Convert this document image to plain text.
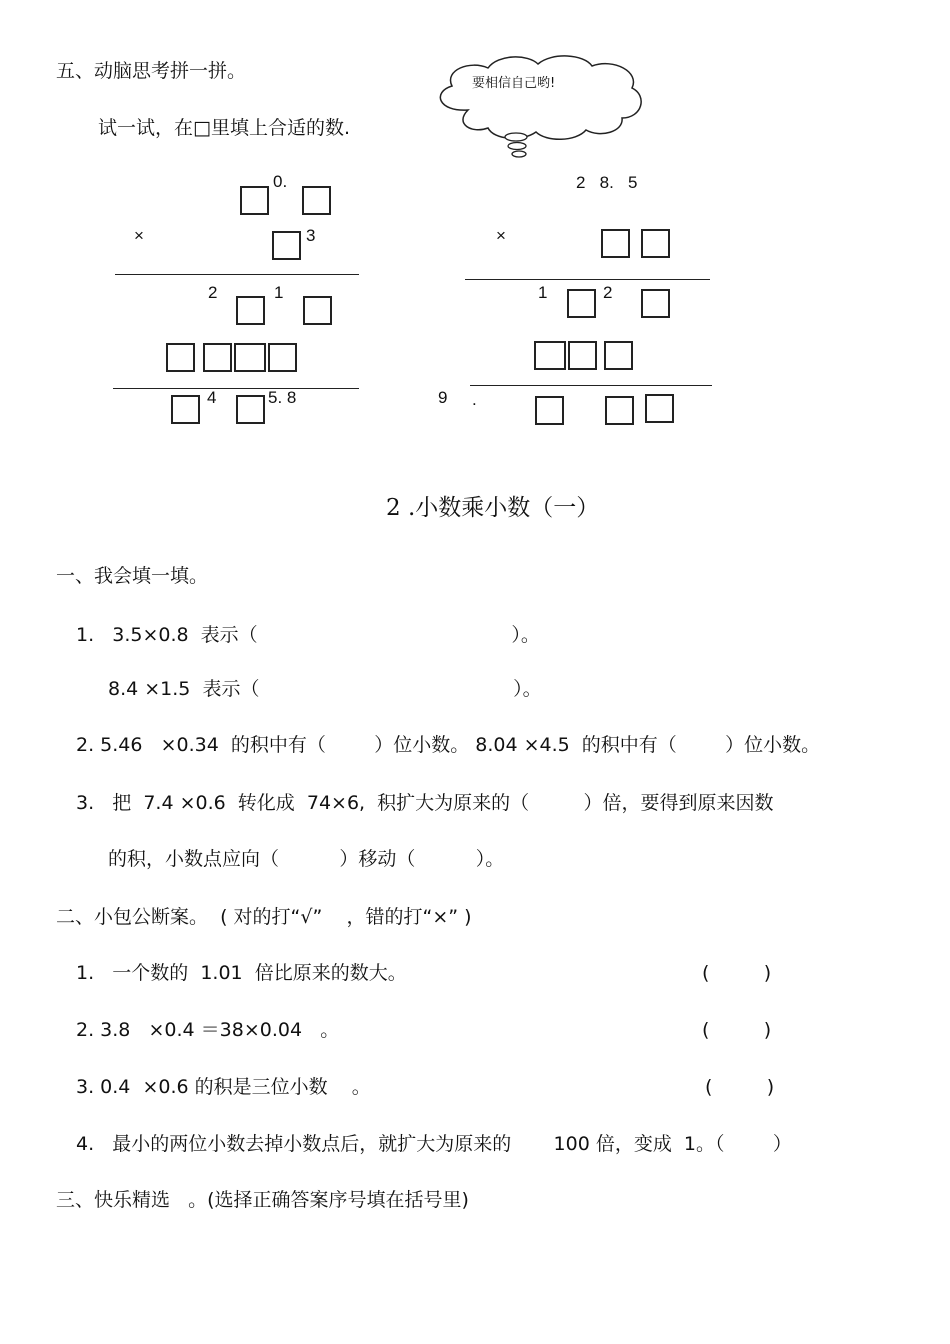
五、动脑思考拼一拼。
试一试，在□里填上合适的数.
要相信自己哟!
0.
×	3
2	1
4	5. 8
2   8.   5
×
1	2
9 .
2 .小数乘小数（一）
一、我会填一填。
1.   3.5×0.8  表示（                                          ）。
8.4 ×1.5  表示（                                          ）。
2. 5.46   ×0.34  的积中有（        ）位小数。 8.04 ×4.5  的积中有（        ）位小数。
3.   把  7.4 ×0.6  转化成  74×6,  积扩大为原来的（         ）倍，要得到原来因数
的积，小数点应向（          ）移动（          ）。
二、小包公断案。  ( 对的打“√”    ，错的打“×” )
1.   一个数的  1.01  倍比原来的数大。	(         )
2. 3.8   ×0.4 ＝38×0.04   。	(         )
3. 0.4  ×0.6 的积是三位小数    。	(         )
4.   最小的两位小数去掉小数点后，就扩大为原来的       100 倍，变成  1。（        ）
三、快乐精选   。(选择正确答案序号填在括号里)
